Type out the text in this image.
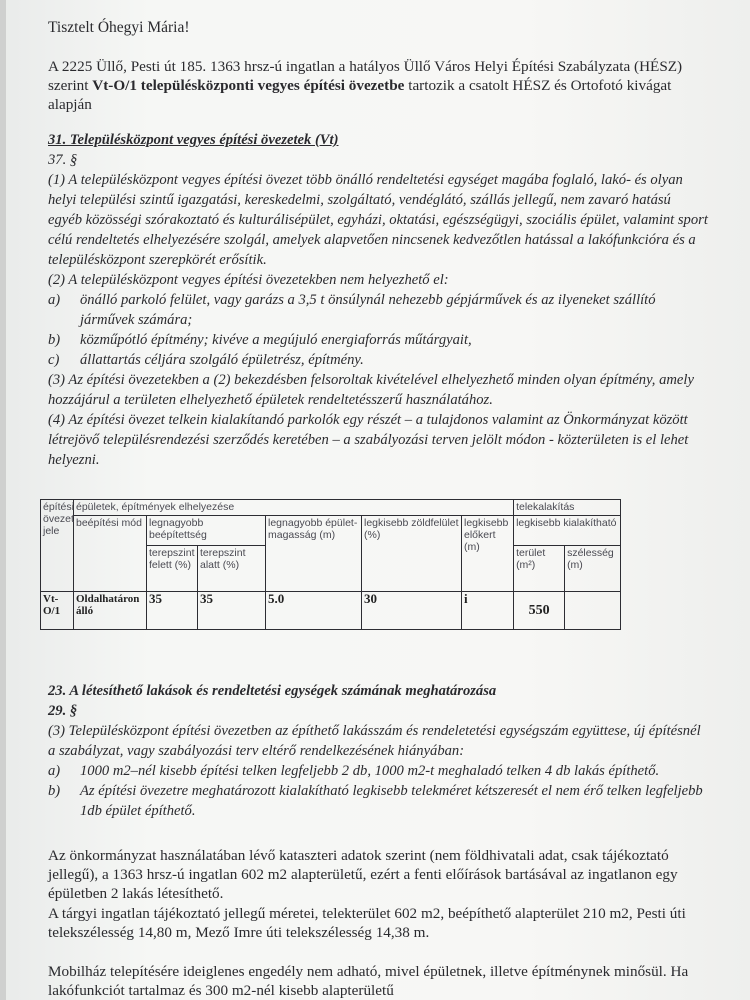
Tisztelt Óhegyi Mária!

A 2225 Üllő, Pesti út 185. 1363 hrsz-ú ingatlan a hatályos Üllő Város Helyi Építési Szabályzata (HÉSZ) szerint Vt-O/1 településközponti vegyes építési övezetbe tartozik a csatolt HÉSZ és Ortofotó kivágat alapján

31. Településközpont vegyes építési övezetek (Vt)
37. §

(1) A településközpont vegyes építési övezet több önálló rendeltetési egységet magába foglaló, lakó- és olyan helyi települési szintű igazgatási, kereskedelmi, szolgáltató, vendéglátó, szállás jellegű, nem zavaró hatású egyéb közösségi szórakoztató és kulturálisépület, egyházi, oktatási, egészségügyi, szociális épület, valamint sport célú rendeltetés elhelyezésére szolgál, amelyek alapvetően nincsenek kedvezőtlen hatással a lakófunkcióra és a településközpont szerepkörét erősítik.

(2) A településközpont vegyes építési övezetekben nem helyezhető el:

a) önálló parkoló felület, vagy garázs a 3,5 t önsúlynál nehezebb gépjárművek és az ilyeneket szállító járművek számára;

b) közműpótló építmény; kivéve a megújuló energiaforrás műtárgyait,

c) állattartás céljára szolgáló épületrész, építmény.

(3) Az építési övezetekben a (2) bekezdésben felsoroltak kivételével elhelyezhető minden olyan építmény, amely hozzájárul a területen elhelyezhető épületek rendeltetésszerű használatához.

(4) Az építési övezet telkein kialakítandó parkolók egy részét – a tulajdonos valamint az Önkormányzat között létrejövő településrendezési szerződés keretében – a szabályozási terven jelölt módon - közterületen is el lehet helyezni.

építési övezet jele	épületek, építmények elhelyezése						telekalakítás	
	beépítési mód	legnagyobb beépítettség		legnagyobb épület-magasság (m)	legkisebb zöldfelület (%)	legkisebb előkert (m)	legkisebb kialakítható	
		terepszint felett (%)	terepszint alatt (%)				terület (m²)	szélesség (m)
Vt-O/1	Oldalhatáron álló	35	35	5.0	30	i	550	
23. A létesíthető lakások és rendeltetési egységek számának meghatározása
29. §

(3) Településközpont építési övezetben az építhető lakásszám és rendeletetési egységszám együttese, új építésnél a szabályzat, vagy szabályozási terv eltérő rendelkezésének hiányában:

a) 1000 m2–nél kisebb építési telken legfeljebb 2 db, 1000 m2-t meghaladó telken 4 db lakás építhető.

b) Az építési övezetre meghatározott kialakítható legkisebb telekméret kétszeresét el nem érő telken legfeljebb 1db épület építhető.

Az önkormányzat használatában lévő kataszteri adatok szerint (nem földhivatali adat, csak tájékoztató jellegű), a 1363 hrsz-ú ingatlan 602 m2 alapterületű, ezért a fenti előírások bartásával az ingatlanon egy épületben 2 lakás létesíthető.

A tárgyi ingatlan tájékoztató jellegű méretei, telekterület 602 m2, beépíthető alapterület 210 m2, Pesti úti telekszélesség 14,80 m, Mező Imre úti telekszélesség 14,38 m.

Mobilház telepítésére ideiglenes engedély nem adható, mivel épületnek, illetve építménynek minősül. Ha lakófunkciót tartalmaz és 300 m2-nél kisebb alapterületű
